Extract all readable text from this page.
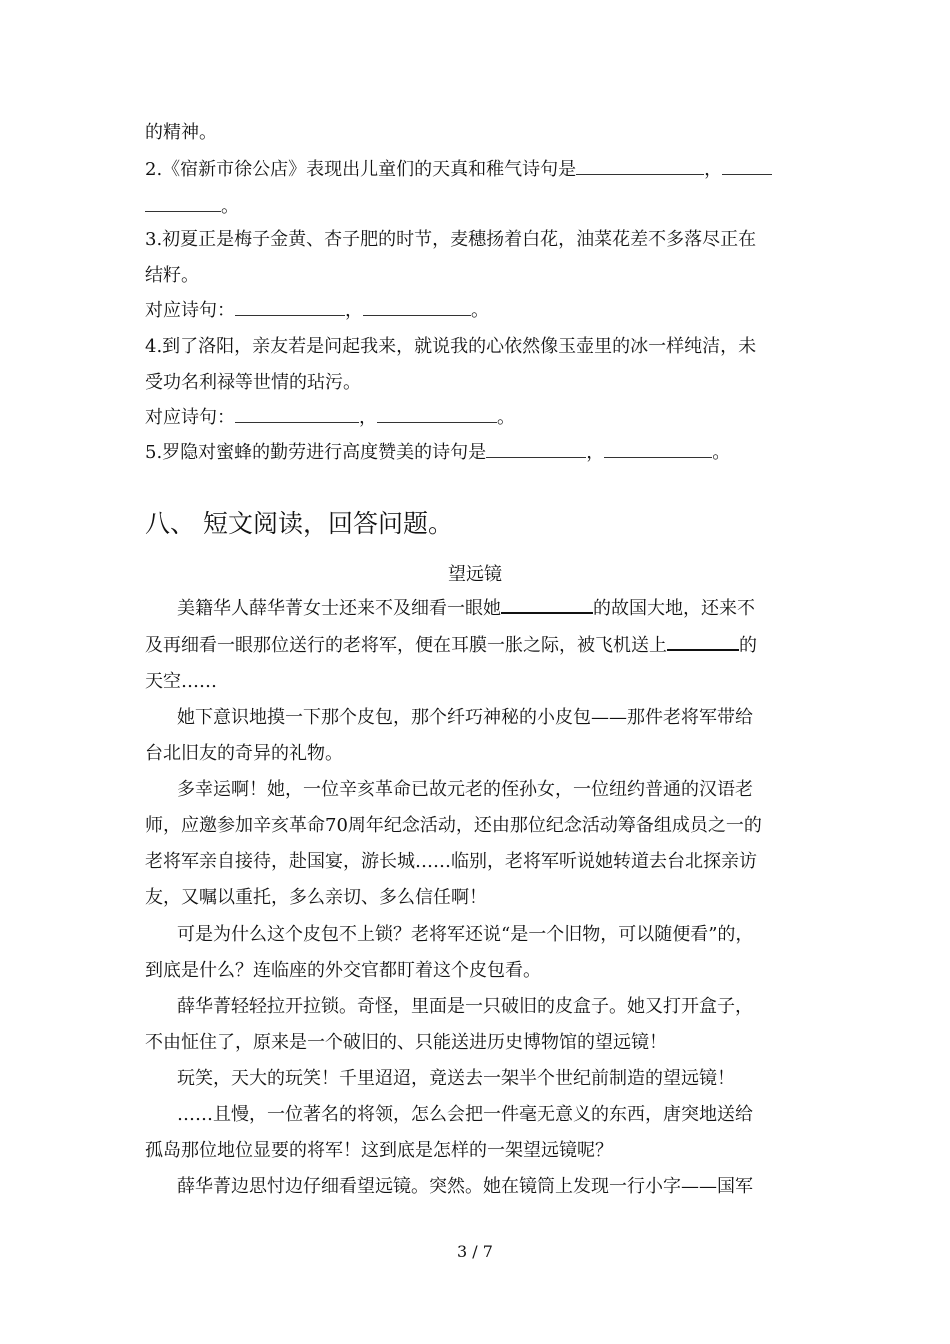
的精神。
2.《宿新市徐公店》表现出儿童们的天真和稚气诗句是	，
。
3.初夏正是梅子金黄、杏子肥的时节，麦穗扬着白花，油菜花差不多落尽正在
结籽。
对应诗句：	，	。
4.到了洛阳，亲友若是问起我来，就说我的心依然像玉壶里的冰一样纯洁，未
受功名利禄等世情的玷污。
对应诗句：	，	。
5.罗隐对蜜蜂的勤劳进行高度赞美的诗句是	，	。
八、 短文阅读，回答问题。
望远镜
美籍华人薛华菁女士还来不及细看一眼她	的故国大地，还来不
及再细看一眼那位送行的老将军，便在耳膜一胀之际，被飞机送上	的
天空……
她下意识地摸一下那个皮包，那个纤巧神秘的小皮包——那件老将军带给
台北旧友的奇异的礼物。
多幸运啊！她，一位辛亥革命已故元老的侄孙女，一位纽约普通的汉语老
师，应邀参加辛亥革命70周年纪念活动，还由那位纪念活动筹备组成员之一的
老将军亲自接待，赴国宴，游长城……临别，老将军听说她转道去台北探亲访
友，又嘱以重托，多么亲切、多么信任啊！
可是为什么这个皮包不上锁？老将军还说“是一个旧物，可以随便看”的，
到底是什么？连临座的外交官都盯着这个皮包看。
薛华菁轻轻拉开拉锁。奇怪，里面是一只破旧的皮盒子。她又打开盒子，
不由怔住了，原来是一个破旧的、只能送进历史博物馆的望远镜！
玩笑，天大的玩笑！千里迢迢，竟送去一架半个世纪前制造的望远镜！
……且慢，一位著名的将领，怎么会把一件毫无意义的东西，唐突地送给
孤岛那位地位显要的将军！这到底是怎样的一架望远镜呢？
薛华菁边思忖边仔细看望远镜。突然。她在镜筒上发现一行小字——国军
3 / 7
